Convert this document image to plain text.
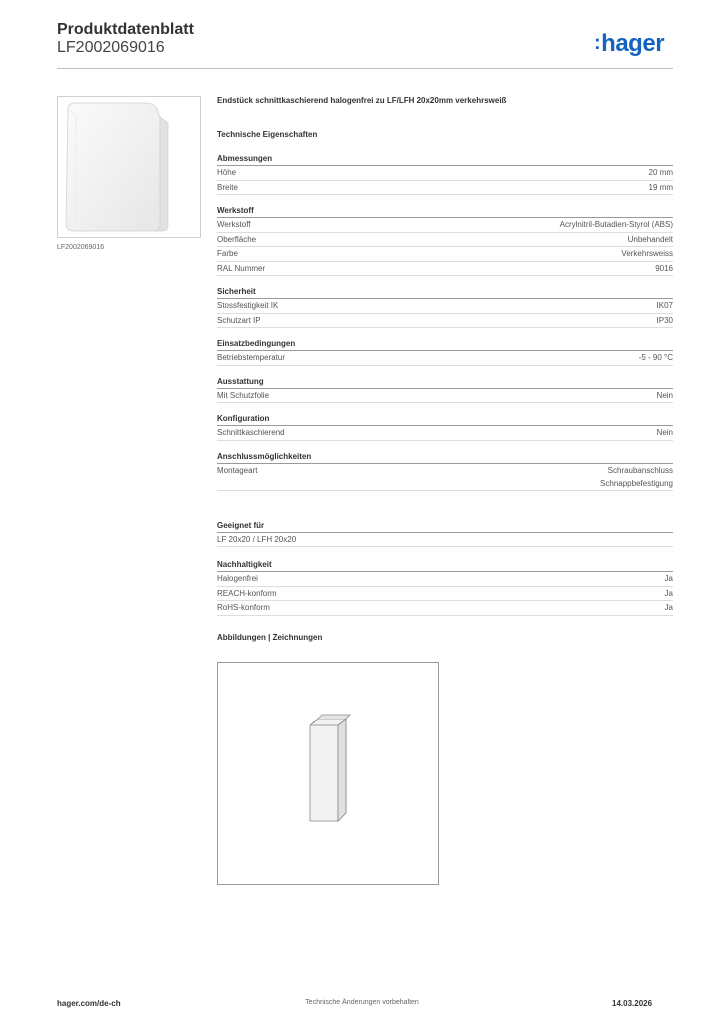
Produktdatenblatt
LF2002069016	:hager
LF2002069016
Endstück schnittkaschierend halogenfrei zu LF/LFH 20x20mm verkehrsweiß
Technische Eigenschaften
Abmessungen
Höhe	20 mm
Breite	19 mm
Werkstoff
Werkstoff	Acrylnitril-Butadien-Styrol (ABS)
Oberfläche	Unbehandelt
Farbe	Verkehrsweiss
RAL Nummer	9016
Sicherheit
Stossfestigkeit IK	IK07
Schutzart IP	IP30
Einsatzbedingungen
Betriebstemperatur	-5 - 90 °C
Ausstattung
Mit Schutzfolie	Nein
Konfiguration
Schnittkaschierend	Nein
Anschlussmöglichkeiten
Montageart	Schraubanschluss
Schnappbefestigung
Geeignet für
LF 20x20 / LFH 20x20
Nachhaltigkeit
Halogenfrei	Ja
REACH-konform	Ja
RoHS-konform	Ja
Abbildungen | Zeichnungen
hager.com/de-ch	Technische Änderungen vorbehalten	14.03.2026
